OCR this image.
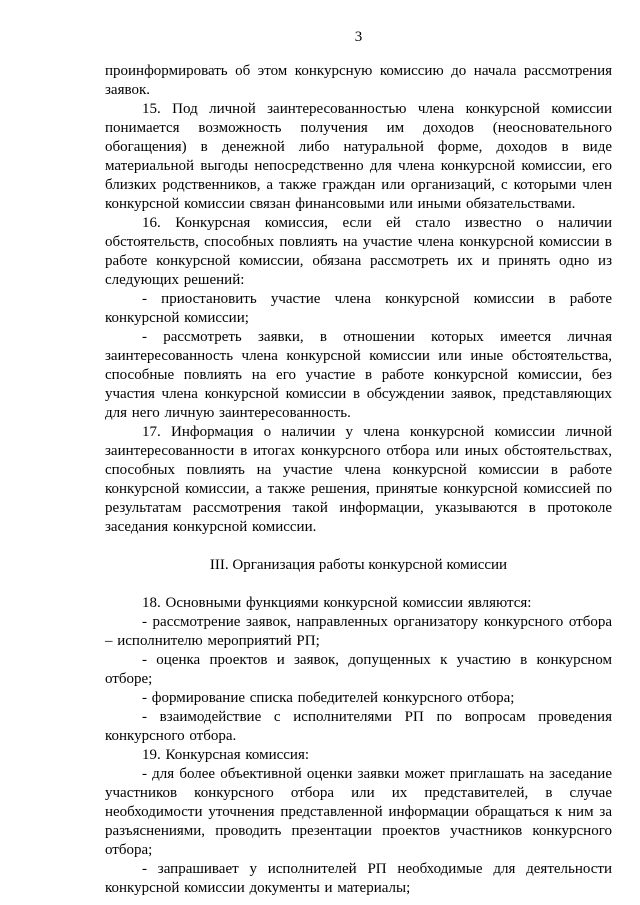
3

проинформировать об этом конкурсную комиссию до начала рассмотрения заявок.

15. Под личной заинтересованностью члена конкурсной комиссии понимается возможность получения им доходов (неосновательного обогащения) в денежной либо натуральной форме, доходов в виде материальной выгоды непосредственно для члена конкурсной комиссии, его близких родственников, а также граждан или организаций, с которыми член конкурсной комиссии связан финансовыми или иными обязательствами.

16. Конкурсная комиссия, если ей стало известно о наличии обстоятельств, способных повлиять на участие члена конкурсной комиссии в работе конкурсной комиссии, обязана рассмотреть их и принять одно из следующих решений:

- приостановить участие члена конкурсной комиссии в работе конкурсной комиссии;

- рассмотреть заявки, в отношении которых имеется личная заинтересованность члена конкурсной комиссии или иные обстоятельства, способные повлиять на его участие в работе конкурсной комиссии, без участия члена конкурсной комиссии в обсуждении заявок, представляющих для него личную заинтересованность.

17. Информация о наличии у члена конкурсной комиссии личной заинтересованности в итогах конкурсного отбора или иных обстоятельствах, способных повлиять на участие члена конкурсной комиссии в работе конкурсной комиссии, а также решения, принятые конкурсной комиссией по результатам рассмотрения такой информации, указываются в протоколе заседания конкурсной комиссии.

III. Организация работы конкурсной комиссии

18. Основными функциями конкурсной комиссии являются:

- рассмотрение заявок, направленных организатору конкурсного отбора – исполнителю мероприятий РП;

- оценка проектов и заявок, допущенных к участию в конкурсном отборе;

- формирование списка победителей конкурсного отбора;

- взаимодействие с исполнителями РП по вопросам проведения конкурсного отбора.

19. Конкурсная комиссия:

- для более объективной оценки заявки может приглашать на заседание участников конкурсного отбора или их представителей, в случае необходимости уточнения представленной информации обращаться к ним за разъяснениями, проводить презентации проектов участников конкурсного отбора;

- запрашивает у исполнителей РП необходимые для деятельности конкурсной комиссии документы и материалы;
